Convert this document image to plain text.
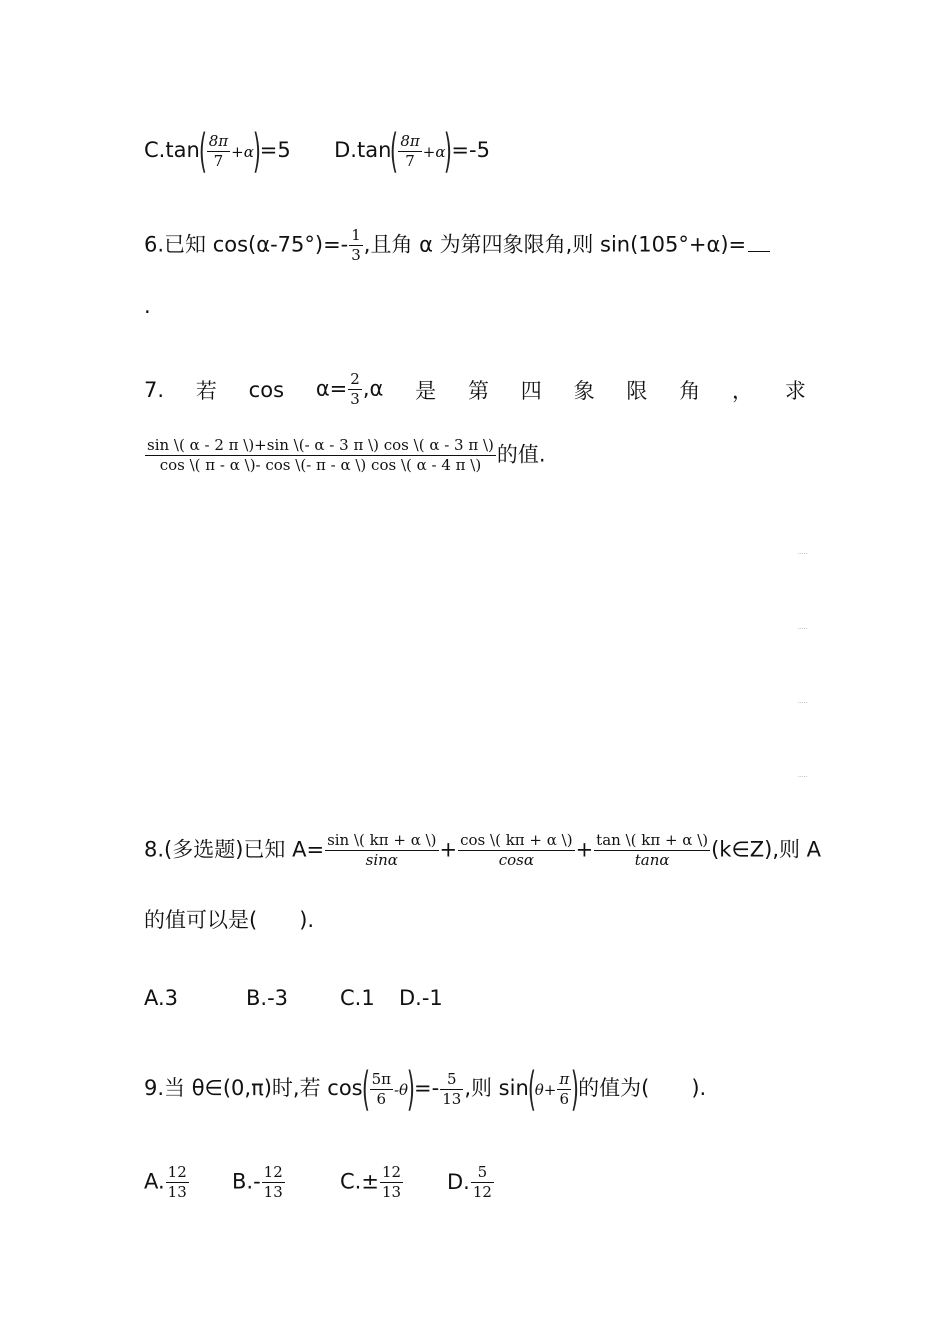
$C.\tan( \frac{8\pi}{7} +\alpha)=5$ $D.\tan( \frac{8\pi}{7} +\alpha)=-5$
6.已知 $\cos(\alpha-75^\circ)=- \frac{1}{3}$ ,且角 α 为第四象限角,则 sin(105°+α)=
.
7. 若 $\cos \alpha= \frac{2}{3} ,\alpha$ 是 第 四 象 限 角 ， 求
$\frac{\sin \backslash( \alpha - 2 \pi \backslash)+\sin \backslash(- \alpha - 3 \pi \backslash) \cos \backslash( \alpha - 3 \pi \backslash)}{\cos \backslash( \pi - \alpha \backslash)- \cos \backslash(- \pi - \alpha \backslash) \cos \backslash( \alpha - 4 \pi \backslash)}$ 的值.
.....
.....
.....
.....
8.(多选题)已知 $A= \frac{\sin \backslash( k\pi + \alpha \backslash)}{\sin\alpha} + \frac{\cos \backslash( k\pi + \alpha \backslash)}{\cos\alpha} + \frac{\tan \backslash( k\pi + \alpha \backslash)}{\tan\alpha}$ (k∈Z),则 A
的值可以是(　　).
A.3	B.-3 C.1 D.-1
9.当 θ∈(0,π)时,若 $\cos( \frac{5\pi}{6} -\theta)=- \frac{5}{13}$ ,则 $\sin(\theta+ \frac{\pi}{6}$ )的值为(　　).
A. $\frac{12}{13} B.- \frac{12}{13}$	$C.\pm \frac{12}{13} D$. $\frac{5}{12}$
